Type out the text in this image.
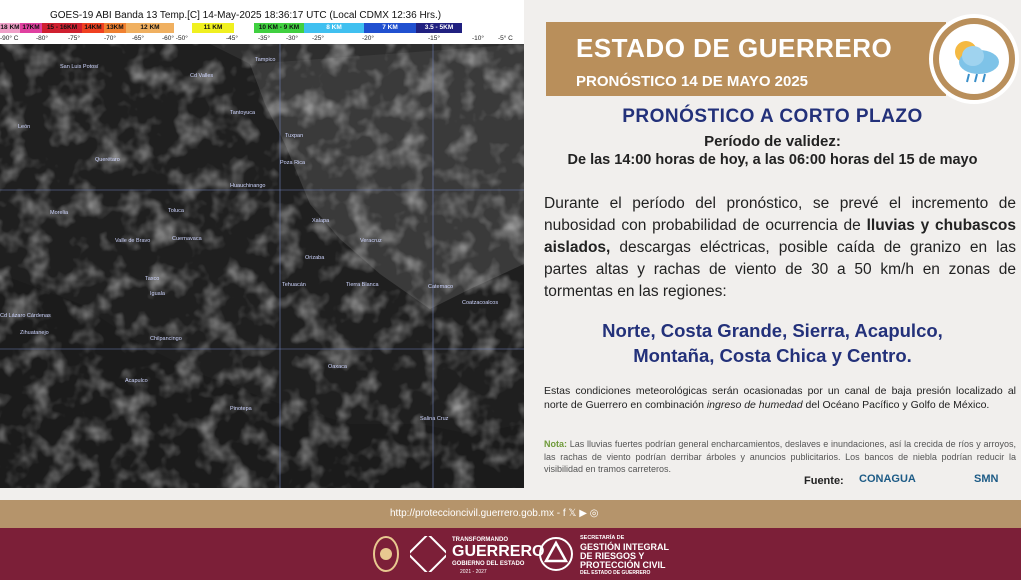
GOES-19 ABI Banda 13 Temp.[C] 14-May-2025 18:36:17 UTC (Local CDMX 12:36 Hrs.)
18 KM 17KM	15 - 16KM	14KM 13KM	12 KM	11 KM	10 KM - 9 KM	8 KM	7 KM	3.5 - 5KM
-90° C	-80°	-75°	-70° -65°	-60° -50°	-45°	-35° -30° -25°	-20°	-15°	-10° -5° C
San Luis Potosí
Cd Valles
Tampico
Tantoyuca
León
Tuxpan
Querétaro	Poza Rica
Huauchinango
Morelia	Toluca
Valle de Bravo
Xalapa
Veracruz
Orizaba
Cuernavaca
Taxco
Iguala
Tehuacán	Tierra Blanca	Catemaco
Coatzacoalcos
Cd Lázaro Cárdenas
Zihuatanejo
Chilpancingo
Acapulco
Oaxaca
Pinotepa
Salina Cruz
ESTADO DE GUERRERO
PRONÓSTICO 14 DE MAYO 2025
PRONÓSTICO A CORTO PLAZO
Período de validez:
De las 14:00 horas de hoy, a las 06:00 horas del 15 de mayo
Durante el período del pronóstico, se prevé el incremento de nubosidad con probabilidad de ocurrencia de lluvias y chubascos aislados, descargas eléctricas, posible caída de granizo en las partes altas y rachas de viento de 30 a 50 km/h en zonas de tormentas en las regiones:
Norte, Costa Grande, Sierra, Acapulco,
Montaña, Costa Chica y Centro.
Estas condiciones meteorológicas serán ocasionadas por un canal de baja presión localizado al norte de Guerrero en combinación ingreso de humedad del Océano Pacífico y Golfo de México.
Nota: Las lluvias fuertes podrían general encharcamientos, deslaves e inundaciones, así la crecida de ríos y arroyos, las rachas de viento podrían derribar árboles y anuncios publicitarios. Los bancos de niebla podrían reducir la visibilidad en tramos carreteros.
Fuente: CONAGUA	SMN
http://proteccioncivil.guerrero.gob.mx - f 𝕏 ▶ ◎
TRANSFORMANDO
GUERRERO
GOBIERNO DEL ESTADO
2021 - 2027
SECRETARÍA DE
GESTIÓN INTEGRAL
DE RIESGOS Y
PROTECCIÓN CIVIL
DEL ESTADO DE GUERRERO
